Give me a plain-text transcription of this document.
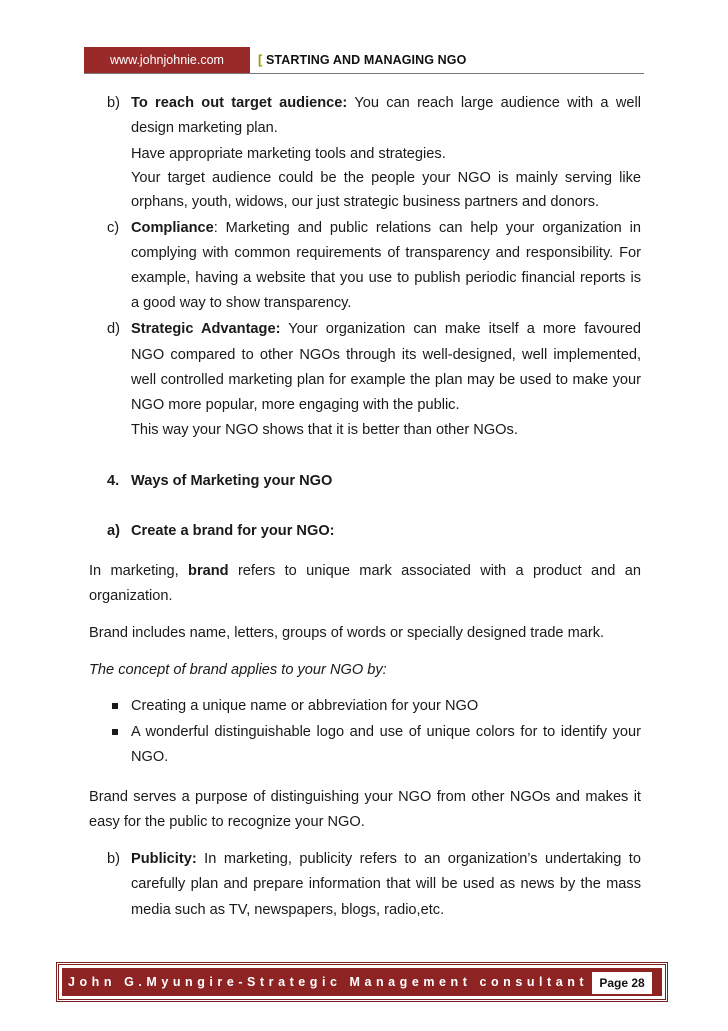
www.johnjohnie.com	[ STARTING AND MANAGING NGO
b) To reach out target audience: You can reach large audience with a well
design marketing plan.
Have appropriate marketing tools and strategies.
Your target audience could be the people your NGO is mainly serving like
orphans, youth, widows, our just strategic business partners and donors.
c) Compliance: Marketing and public relations can help your organization in
complying with common requirements of transparency and responsibility. For
example, having a website that you use to publish periodic financial reports is
a good way to show transparency.
d) Strategic Advantage: Your organization can make itself a more favoured
NGO compared to other NGOs through its well-designed, well implemented,
well controlled marketing plan for example the plan may be used to make your
NGO more popular, more engaging with the public.
This way your NGO shows that it is better than other NGOs.
4. Ways of Marketing your NGO
a) Create a brand for your NGO:
In marketing, brand refers to unique mark associated with a product and an
organization.
Brand includes name, letters, groups of words or specially designed trade mark.
The concept of brand applies to your NGO by:
Creating a unique name or abbreviation for your NGO
A wonderful distinguishable logo and use of unique colors for to identify your
NGO.
Brand serves a purpose of distinguishing your NGO from other NGOs and makes it
easy for the public to recognize your NGO.
b) Publicity: In marketing, publicity refers to an organization’s undertaking to
carefully plan and prepare information that will be used as news by the mass
media such as TV, newspapers, blogs, radio,etc.
John G.Myungire-Strategic Management consultant Page 28
